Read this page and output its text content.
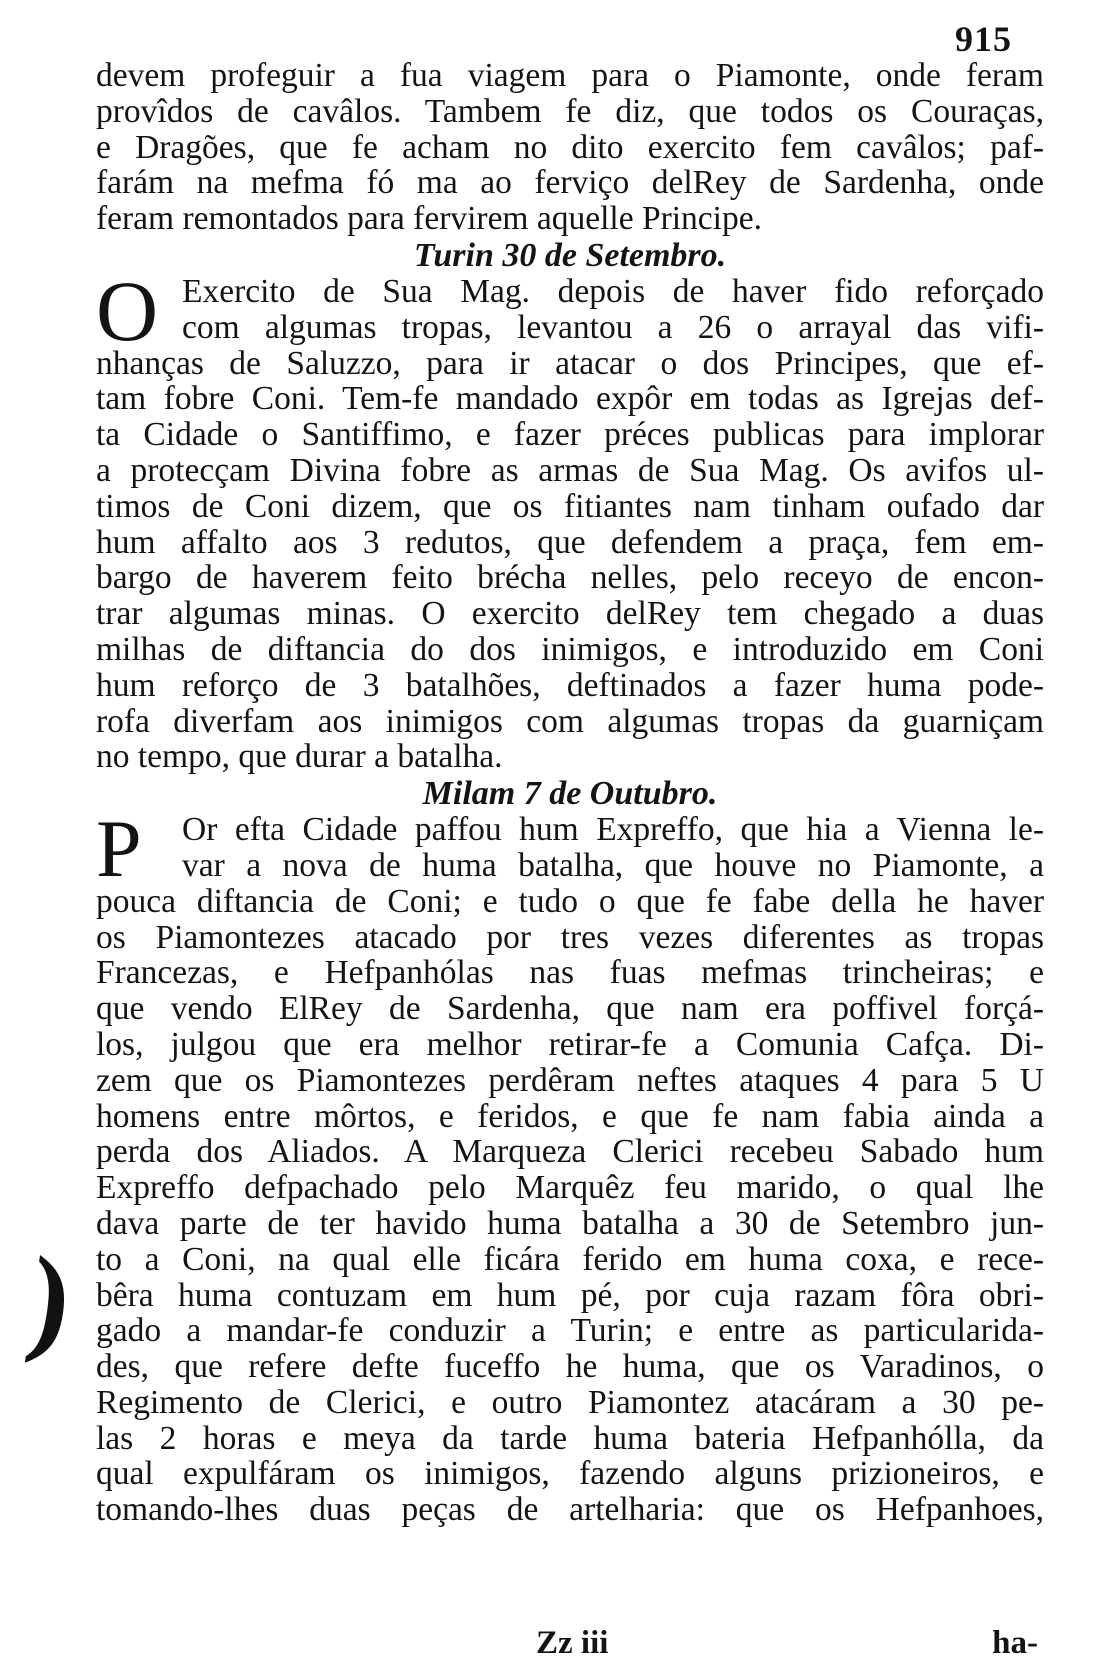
915
)
devem profeguir a fua viagem para o Piamonte, onde feram
provîdos de cavâlos. Tambem fe diz, que todos os Couraças,
e Dragões, que fe acham no dito exercito fem cavâlos; paf-
farám na mefma fó ma ao ferviço delRey de Sardenha, onde
feram remontados para fervirem aquelle Principe.
Turin 30 de Setembro.
O Exercito de Sua Mag. depois de haver fido reforçado
com algumas tropas, levantou a 26 o arrayal das vifi-
nhanças de Saluzzo, para ir atacar o dos Principes, que ef-
tam fobre Coni. Tem-fe mandado expôr em todas as Igrejas def-
ta Cidade o Santiffimo, e fazer préces publicas para implorar
a protecçam Divina fobre as armas de Sua Mag. Os avifos ul-
timos de Coni dizem, que os fitiantes nam tinham oufado dar
hum affalto aos 3 redutos, que defendem a praça, fem em-
bargo de haverem feito brécha nelles, pelo receyo de encon-
trar algumas minas. O exercito delRey tem chegado a duas
milhas de diftancia do dos inimigos, e introduzido em Coni
hum reforço de 3 batalhões, deftinados a fazer huma pode-
rofa diverfam aos inimigos com algumas tropas da guarniçam
no tempo, que durar a batalha.
Milam 7 de Outubro.
P	Or efta Cidade paffou hum Expreffo, que hia a Vienna le-
var a nova de huma batalha, que houve no Piamonte, a
pouca diftancia de Coni; e tudo o que fe fabe della he haver
os Piamontezes atacado por tres vezes diferentes as tropas
Francezas, e Hefpanhólas nas fuas mefmas trincheiras; e
que vendo ElRey de Sardenha, que nam era poffivel forçá-
los, julgou que era melhor retirar-fe a Comunia Cafça. Di-
zem que os Piamontezes perdêram neftes ataques 4 para 5 U
homens entre môrtos, e feridos, e que fe nam fabia ainda a
perda dos Aliados. A Marqueza Clerici recebeu Sabado hum
Expreffo defpachado pelo Marquêz feu marido, o qual lhe
dava parte de ter havido huma batalha a 30 de Setembro jun-
to a Coni, na qual elle ficára ferido em huma coxa, e rece-
bêra huma contuzam em hum pé, por cuja razam fôra obri-
gado a mandar-fe conduzir a Turin; e entre as particularida-
des, que refere defte fuceffo he huma, que os Varadinos, o
Regimento de Clerici, e outro Piamontez atacáram a 30 pe-
las 2 horas e meya da tarde huma bateria Hefpanhólla, da
qual expulfáram os inimigos, fazendo alguns prizioneiros, e
tomando-lhes duas peças de artelharia: que os Hefpanhoes,
Zz iii	ha-
